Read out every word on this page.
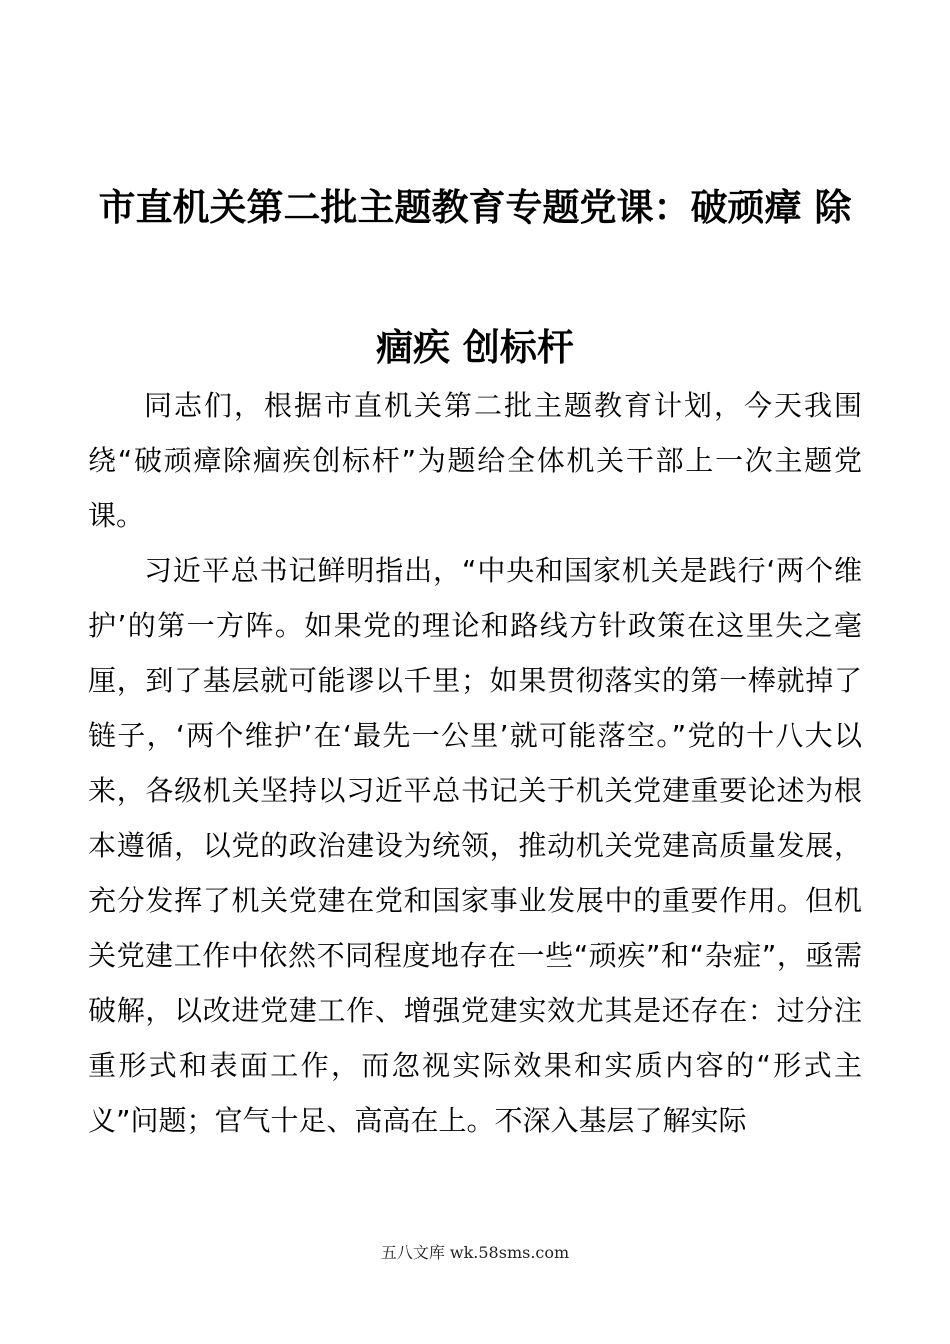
市直机关第二批主题教育专题党课：破顽瘴 除痼疾 创标杆

同志们，根据市直机关第二批主题教育计划，今天我围绕“破顽瘴除痼疾创标杆”为题给全体机关干部上一次主题党课。

习近平总书记鲜明指出，“中央和国家机关是践行‘两个维护’的第一方阵。如果党的理论和路线方针政策在这里失之毫厘，到了基层就可能谬以千里；如果贯彻落实的第一棒就掉了链子，‘两个维护’在‘最先一公里’就可能落空。”党的十八大以来，各级机关坚持以习近平总书记关于机关党建重要论述为根本遵循，以党的政治建设为统领，推动机关党建高质量发展，充分发挥了机关党建在党和国家事业发展中的重要作用。但机关党建工作中依然不同程度地存在一些“顽疾”和“杂症”，亟需破解，以改进党建工作、增强党建实效尤其是还存在：过分注重形式和表面工作，而忽视实际效果和实质内容的“形式主义”问题；官气十足、高高在上。不深入基层了解实际

五八文库 wk.58sms.com
